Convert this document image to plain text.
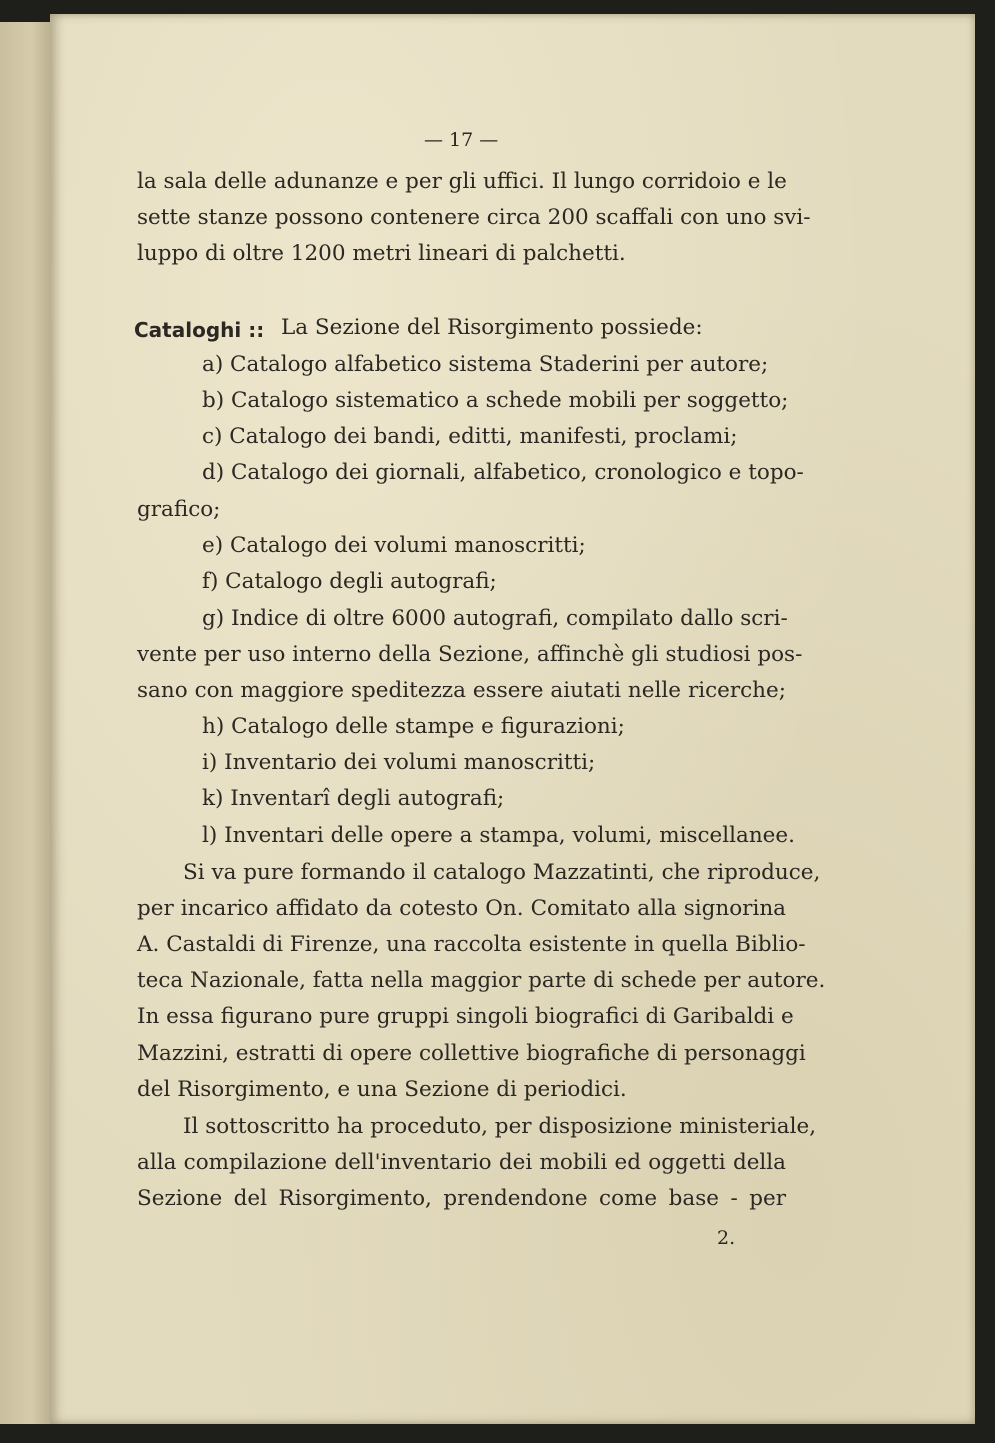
— 17 —
la sala delle adunanze e per gli uffici. Il lungo corridoio e le
sette stanze possono contenere circa 200 scaffali con uno svi-
luppo di oltre 1200 metri lineari di palchetti.
Cataloghi :: La Sezione del Risorgimento possiede:
a) Catalogo alfabetico sistema Staderini per autore;
b) Catalogo sistematico a schede mobili per soggetto;
c) Catalogo dei bandi, editti, manifesti, proclami;
d) Catalogo dei giornali, alfabetico, cronologico e topo-
grafico;
e) Catalogo dei volumi manoscritti;
f) Catalogo degli autografi;
g) Indice di oltre 6000 autografi, compilato dallo scri-
vente per uso interno della Sezione, affinchè gli studiosi pos-
sano con maggiore speditezza essere aiutati nelle ricerche;
h) Catalogo delle stampe e figurazioni;
i) Inventario dei volumi manoscritti;
k) Inventarî degli autografi;
l) Inventari delle opere a stampa, volumi, miscellanee.
Si va pure formando il catalogo Mazzatinti, che riproduce,
per incarico affidato da cotesto On. Comitato alla signorina
A. Castaldi di Firenze, una raccolta esistente in quella Biblio-
teca Nazionale, fatta nella maggior parte di schede per autore.
In essa figurano pure gruppi singoli biografici di Garibaldi e
Mazzini, estratti di opere collettive biografiche di personaggi
del Risorgimento, e una Sezione di periodici.
Il sottoscritto ha proceduto, per disposizione ministeriale,
alla compilazione dell'inventario dei mobili ed oggetti della
Sezione del Risorgimento, prendendone come base - per
2.
